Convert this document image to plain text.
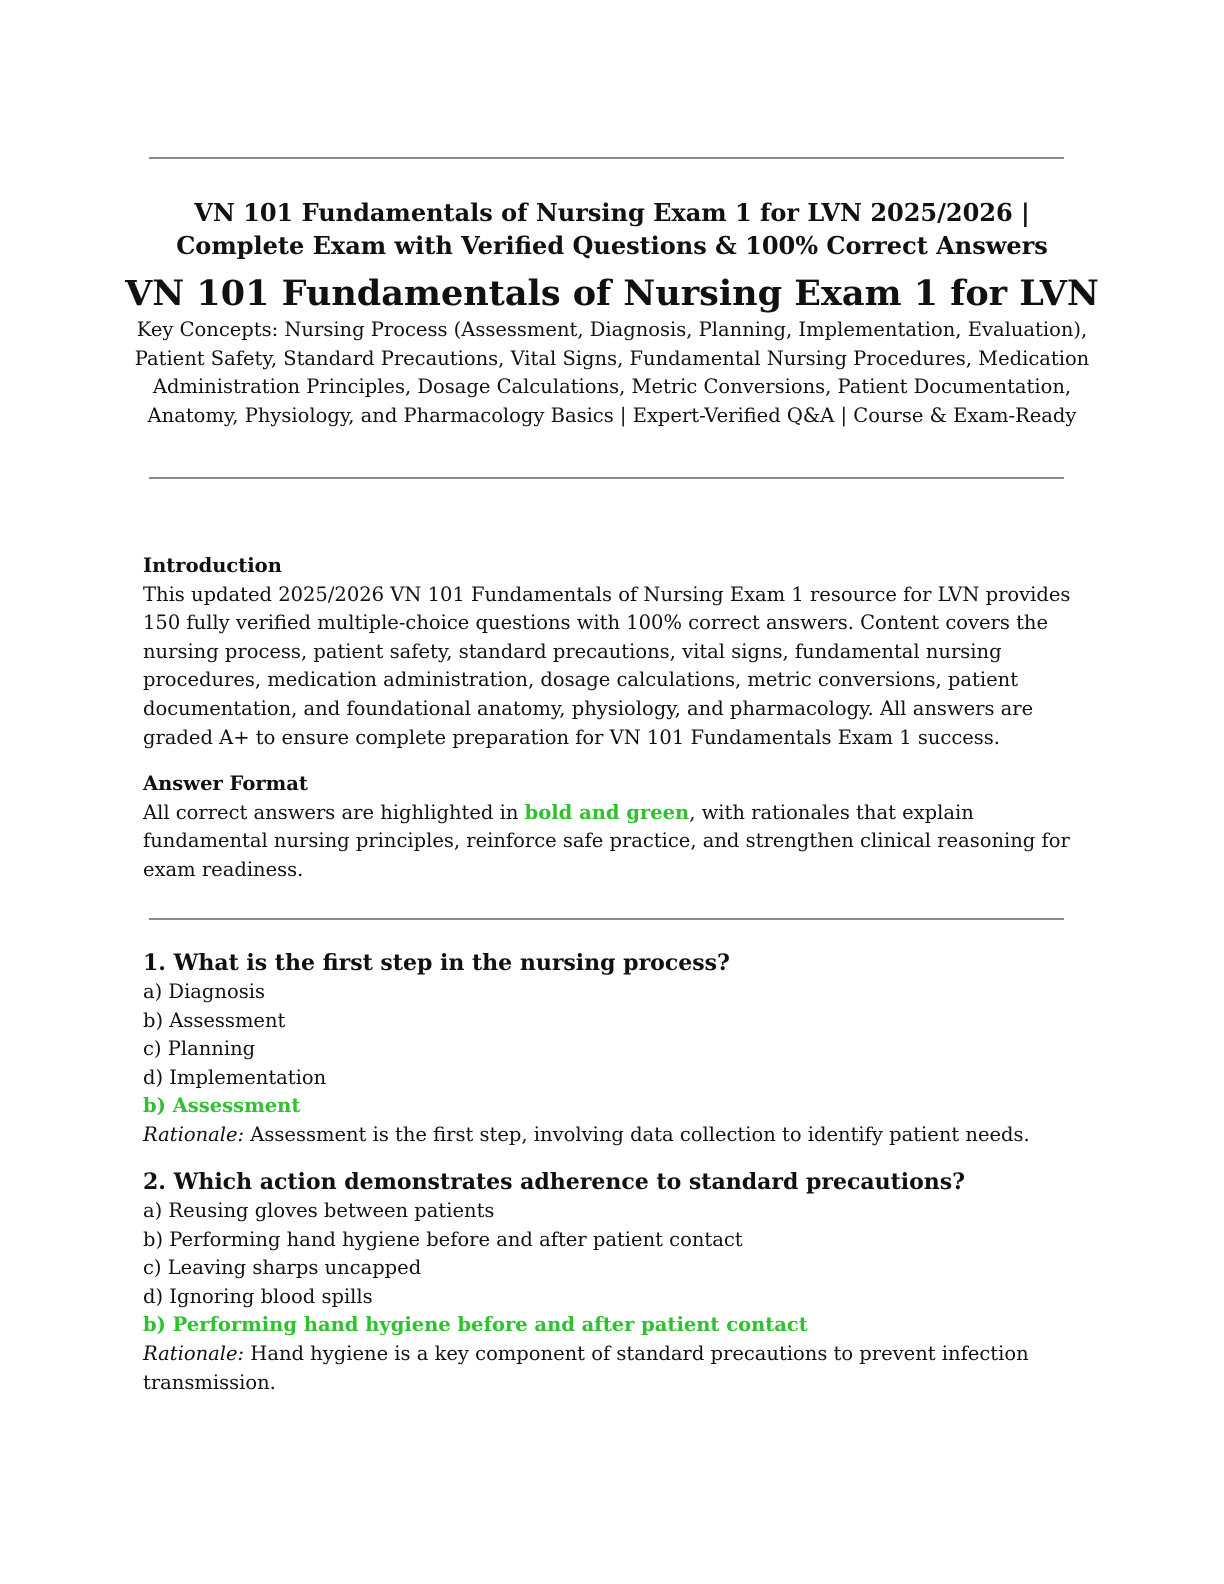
VN 101 Fundamentals of Nursing Exam 1 for LVN 2025/2026 |

Complete Exam with Verified Questions & 100% Correct Answers

VN 101 Fundamentals of Nursing Exam 1 for LVN

Key Concepts: Nursing Process (Assessment, Diagnosis, Planning, Implementation, Evaluation), Patient Safety, Standard Precautions, Vital Signs, Fundamental Nursing Procedures, Medication Administration Principles, Dosage Calculations, Metric Conversions, Patient Documentation, Anatomy, Physiology, and Pharmacology Basics | Expert-Verified Q&A | Course & Exam-Ready

Introduction

This updated 2025/2026 VN 101 Fundamentals of Nursing Exam 1 resource for LVN provides 150 fully verified multiple-choice questions with 100% correct answers. Content covers the nursing process, patient safety, standard precautions, vital signs, fundamental nursing procedures, medication administration, dosage calculations, metric conversions, patient documentation, and foundational anatomy, physiology, and pharmacology. All answers are graded A+ to ensure complete preparation for VN 101 Fundamentals Exam 1 success.

Answer Format

All correct answers are highlighted in bold and green, with rationales that explain fundamental nursing principles, reinforce safe practice, and strengthen clinical reasoning for exam readiness.

1. What is the first step in the nursing process?

a) Diagnosis

b) Assessment

c) Planning

d) Implementation

b) Assessment

Rationale: Assessment is the first step, involving data collection to identify patient needs.

2. Which action demonstrates adherence to standard precautions?

a) Reusing gloves between patients

b) Performing hand hygiene before and after patient contact

c) Leaving sharps uncapped

d) Ignoring blood spills

b) Performing hand hygiene before and after patient contact

Rationale: Hand hygiene is a key component of standard precautions to prevent infection transmission.
